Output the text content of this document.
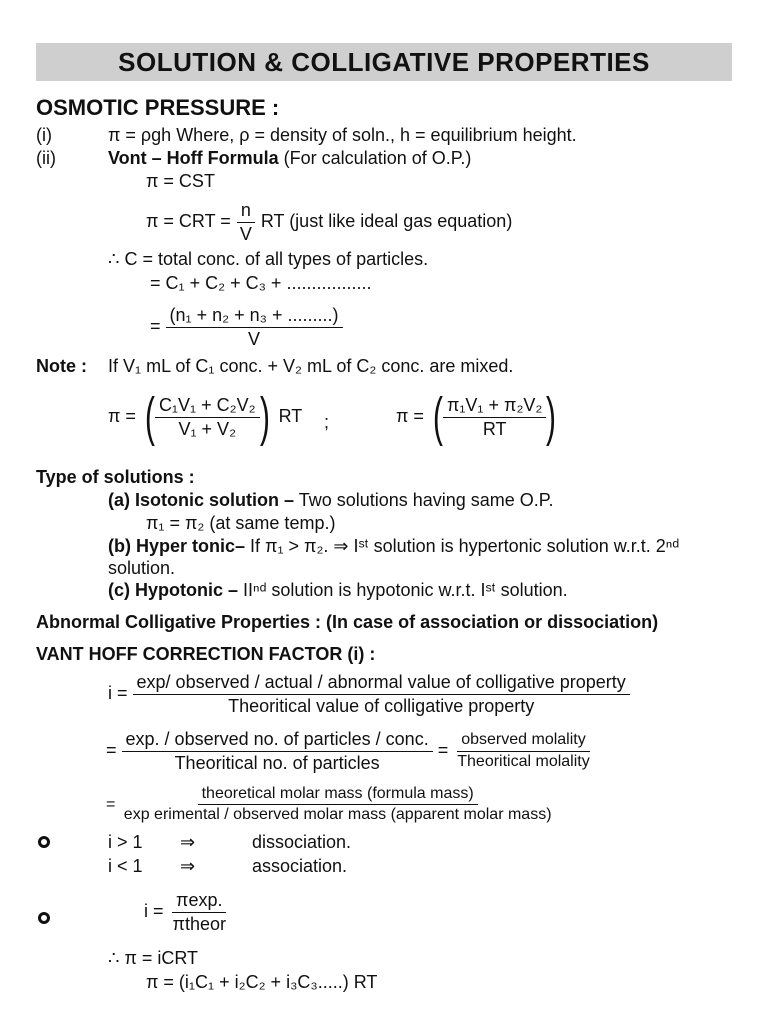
SOLUTION & COLLIGATIVE PROPERTIES
OSMOTIC PRESSURE :
(i)	π = ρgh Where, ρ = density of soln., h = equilibrium height.
(ii)	Vont – Hoff Formula (For calculation of O.P.)
π = CST
π = CRT = $\frac{n}{V}$ RT (just like ideal gas equation)
∴ C = total conc. of all types of particles.
= C₁ + C₂ + C₃ + .................
= $\frac{\text{(n₁ + n₂ + n₃ + .........)}}{V}$
Note : If V₁ mL of C₁ conc. + V₂ mL of C₂ conc. are mixed.
π = ( $\frac{\text{C₁V₁ + C₂V₂}}{\text{V₁ + V₂}}$ ) RT ;	π = ( $\frac{\text{π₁V₁ + π₂V₂}}{RT}$ )
Type of solutions :
(a) Isotonic solution – Two solutions having same O.P.
π₁ = π₂ (at same temp.)
(b) Hyper tonic– If π₁ > π₂. ⇒ Iˢᵗ solution is hypertonic solution w.r.t. 2ⁿᵈ
solution.
(c) Hypotonic – IIⁿᵈ solution is hypotonic w.r.t. Iˢᵗ solution.
Abnormal Colligative Properties : (In case of association or dissociation)
VANT HOFF CORRECTION FACTOR (i) :
i =
exp/ observed / actual / abnormal value of colligative property
Theoritical value of colligative property
= $\frac{\text{exp. / observed no. of particles / conc.}}{\text{Theoritical no. of particles}} = \frac{\text{observed molality}}{\text{Theoritical molality}}$
= $\frac{\text{theoretical molar mass (formula mass)}}{\text{exp erimental / observed molar mass (apparent molar mass)}}$
i > 1 ⇒	dissociation.
i < 1 ⇒	association.
$i = \frac{\pi\exp.}{\text{πtheor}}$
∴ π = iCRT
π = (i₁C₁ + i₂C₂ + i₃C₃.....) RT
